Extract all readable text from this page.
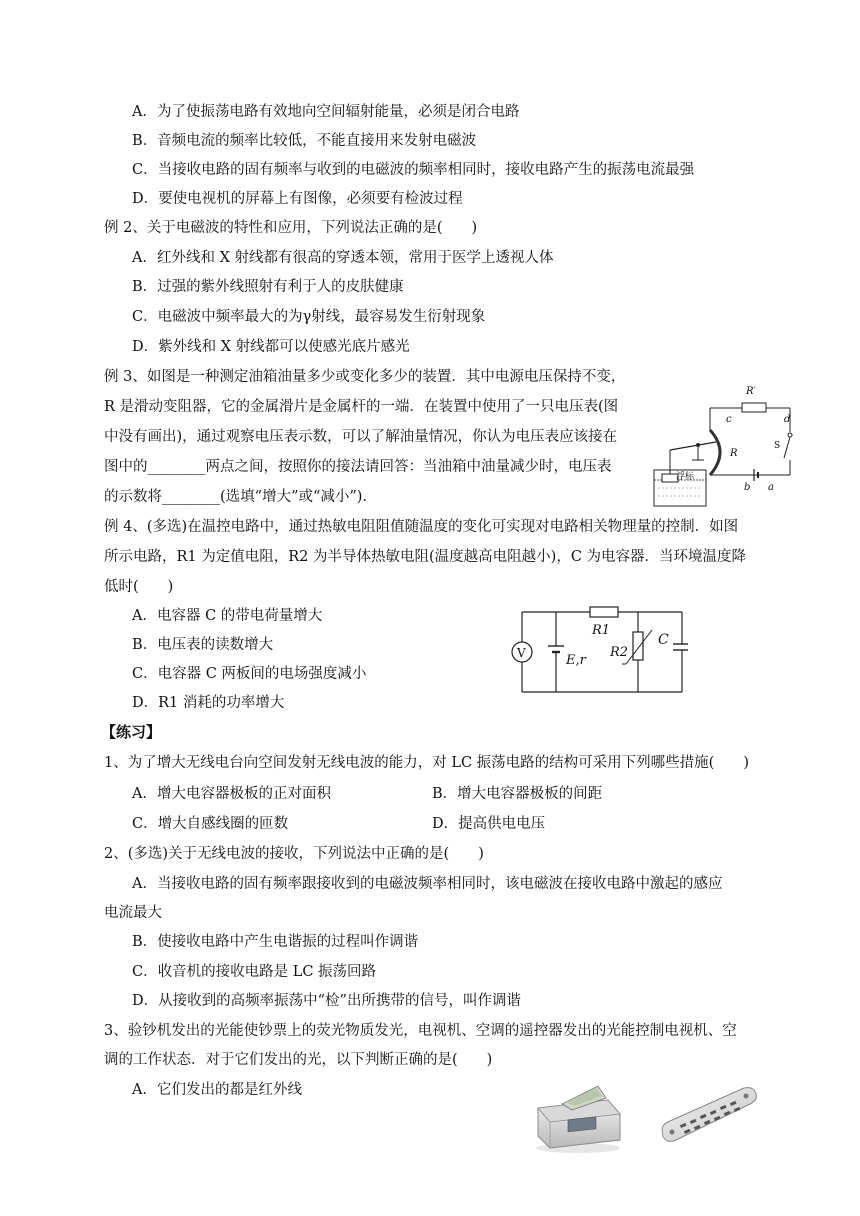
A．为了使振荡电路有效地向空间辐射能量，必须是闭合电路
B．音频电流的频率比较低，不能直接用来发射电磁波
C．当接收电路的固有频率与收到的电磁波的频率相同时，接收电路产生的振荡电流最强
D．要使电视机的屏幕上有图像，必须要有检波过程
例 2、关于电磁波的特性和应用，下列说法正确的是(　　)
A．红外线和 X 射线都有很高的穿透本领，常用于医学上透视人体
B．过强的紫外线照射有利于人的皮肤健康
C．电磁波中频率最大的为γ射线，最容易发生衍射现象
D．紫外线和 X 射线都可以使感光底片感光
例 3、如图是一种测定油箱油量多少或变化多少的装置．其中电源电压保持不变，
R 是滑动变阻器，它的金属滑片是金属杆的一端．在装置中使用了一只电压表(图
中没有画出)，通过观察电压表示数，可以了解油量情况，你认为电压表应该接在
图中的________两点之间，按照你的接法请回答：当油箱中油量减少时，电压表
的示数将________(选填“增大”或“减小”)．
R′
c	d
S
b a
R
浮标
例 4、(多选)在温控电路中，通过热敏电阻阻值随温度的变化可实现对电路相关物理量的控制．如图
所示电路，R1 为定值电阻，R2 为半导体热敏电阻(温度越高电阻越小)，C 为电容器．当环境温度降
低时(　　)
A．电容器 C 的带电荷量增大
B．电压表的读数增大
C．电容器 C 两板间的电场强度减小
D．R1 消耗的功率增大
V	E,r
R1
R2
C
【练习】
1、为了增大无线电台向空间发射无线电波的能力，对 LC 振荡电路的结构可采用下列哪些措施(　　)
A．增大电容器极板的正对面积	B．增大电容器极板的间距
C．增大自感线圈的匝数	D．提高供电电压
2、(多选)关于无线电波的接收，下列说法中正确的是(　　)
A．当接收电路的固有频率跟接收到的电磁波频率相同时，该电磁波在接收电路中激起的感应
电流最大
B．使接收电路中产生电谐振的过程叫作调谐
C．收音机的接收电路是 LC 振荡回路
D．从接收到的高频率振荡中“检”出所携带的信号，叫作调谐
3、验钞机发出的光能使钞票上的荧光物质发光，电视机、空调的遥控器发出的光能控制电视机、空
调的工作状态．对于它们发出的光，以下判断正确的是(　　)
A．它们发出的都是红外线
